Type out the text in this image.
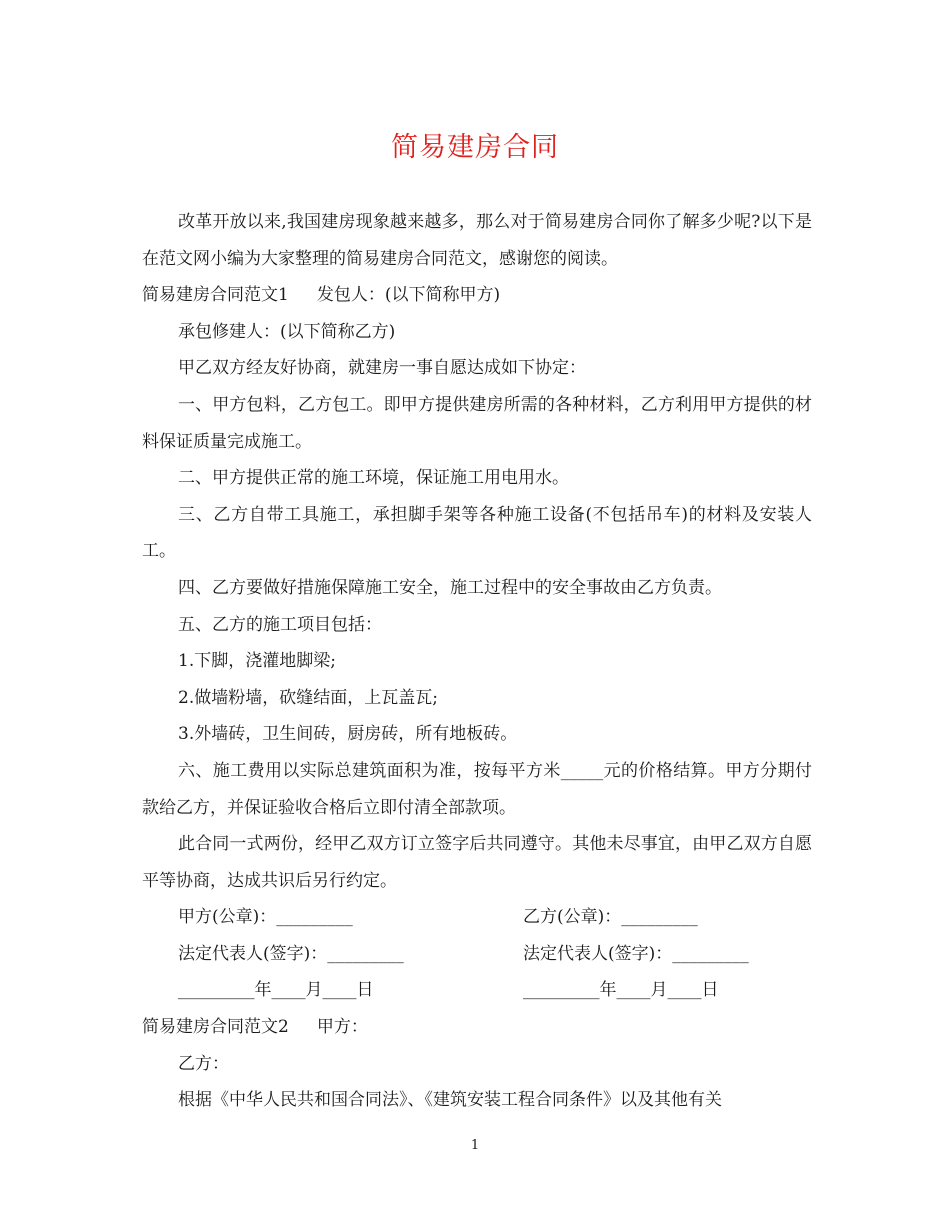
简易建房合同

改革开放以来,我国建房现象越来越多，那么对于简易建房合同你了解多少呢?以下是在范文网小编为大家整理的简易建房合同范文，感谢您的阅读。

简易建房合同范文1 发包人：(以下简称甲方)

承包修建人：(以下简称乙方)

甲乙双方经友好协商，就建房一事自愿达成如下协定：

一、甲方包料，乙方包工。即甲方提供建房所需的各种材料，乙方利用甲方提供的材料保证质量完成施工。

二、甲方提供正常的施工环境，保证施工用电用水。

三、乙方自带工具施工，承担脚手架等各种施工设备(不包括吊车)的材料及安装人工。

四、乙方要做好措施保障施工安全，施工过程中的安全事故由乙方负责。

五、乙方的施工项目包括：

1.下脚，浇灌地脚梁;

2.做墙粉墙，砍缝结面，上瓦盖瓦;

3.外墙砖，卫生间砖，厨房砖，所有地板砖。

六、施工费用以实际总建筑面积为准，按每平方米_____元的价格结算。甲方分期付款给乙方，并保证验收合格后立即付清全部款项。

此合同一式两份，经甲乙双方订立签字后共同遵守。其他未尽事宜，由甲乙双方自愿平等协商，达成共识后另行约定。

甲方(公章)：_________	乙方(公章)：_________
法定代表人(签字)：_________	法定代表人(签字)：_________
_________年____月____日	_________年____月____日
简易建房合同范文2 甲方：

乙方：

根据《中华人民共和国合同法》、《建筑安装工程合同条件》以及其他有关

1
